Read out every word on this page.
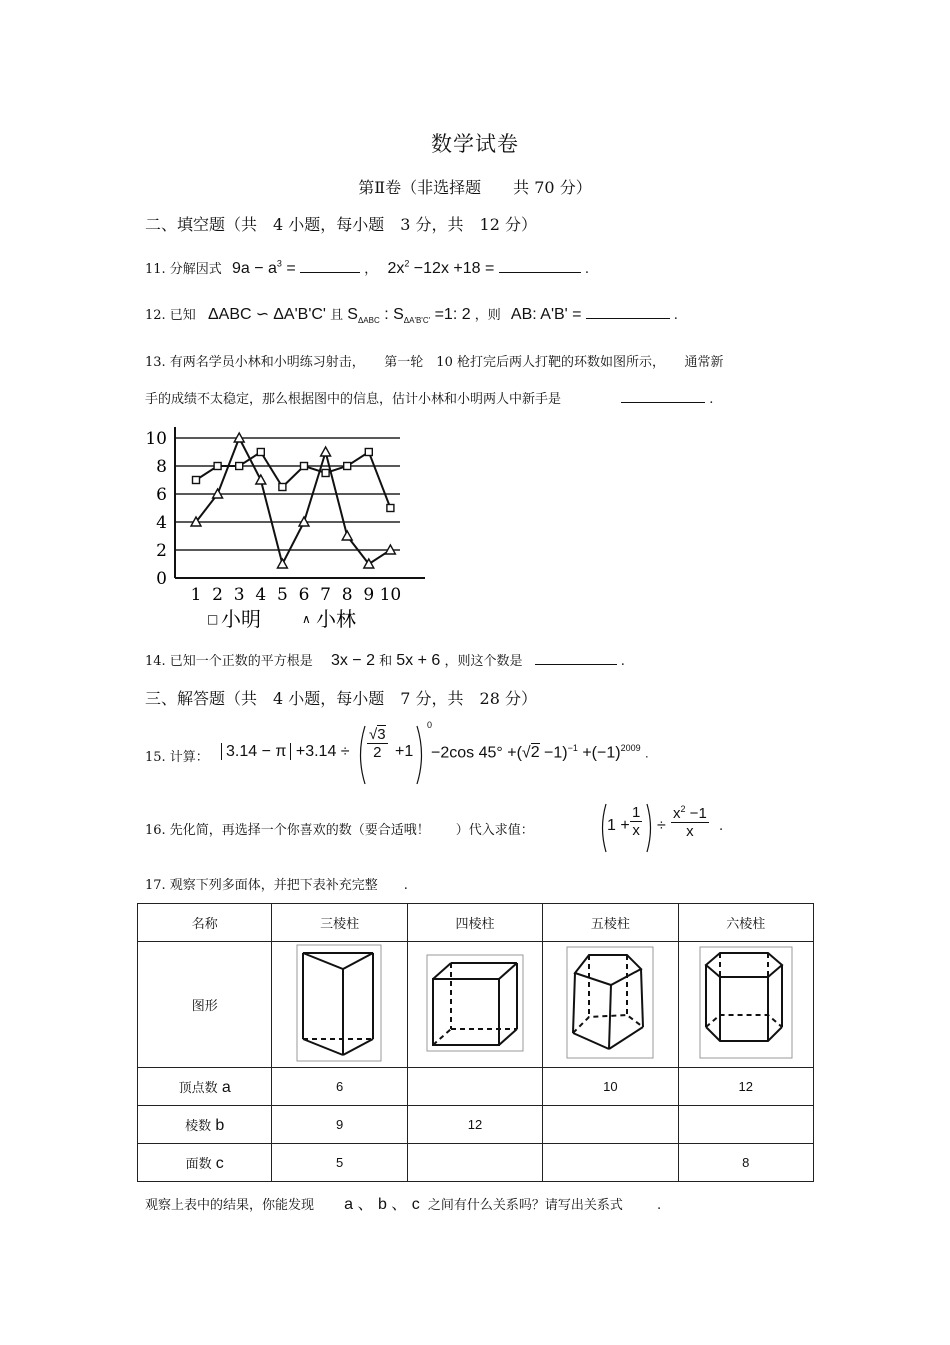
数学试卷
第Ⅱ卷（非选择题　　共 70 分）
二、填空题（共　4 小题，每小题　3 分，共　12 分）
11. 分解因式 $9a - a^3$ =	， $2x^2 -12x +18$ =	.
12. 已知 ΔABC ∽ ΔA'B'C' 且 $S_{\Delta ABC}$ : $S_{\Delta A'B'C'} =1$: 2 ，则 AB: A'B' =	.
13. 有两名学员小林和小明练习射击，　　第一轮　10 枪打完后两人打靶的环数如图所示，　　通常新
手的成绩不太稳定，那么根据图中的信息，估计小林和小明两人中新手是	.
0
2
4
6
8
10
1 2 3 4 5 6 7 8 9 10
□ 小明	∧ 小林
14. 已知一个正数的平方根是 3x − 2 和 5x + 6 ，则这个数是	.
三、解答题（共　4 小题，每小题　7 分，共　28 分）
15. 计算：	$3.14 - \pi +3.14 \div \frac{√3}{2} +1$
0
−2cos $45^\circ +(√2 -1)^{-1} +(-1)^{2009}$ .
16. 先化简，再选择一个你喜欢的数（要合适哦！　　）代入求值：	$1 + \frac{1}{x} \div \frac{x^2 -1}{x}$ .
17. 观察下列多面体，并把下表补充完整　　.
名称	三棱柱	四棱柱	五棱柱	六棱柱
图形				
顶点数 a	6		10	12
棱数 b	9	12		
面数 c	5			8
观察上表中的结果，你能发现 a 、 b 、 c 之间有什么关系吗？请写出关系式	.
